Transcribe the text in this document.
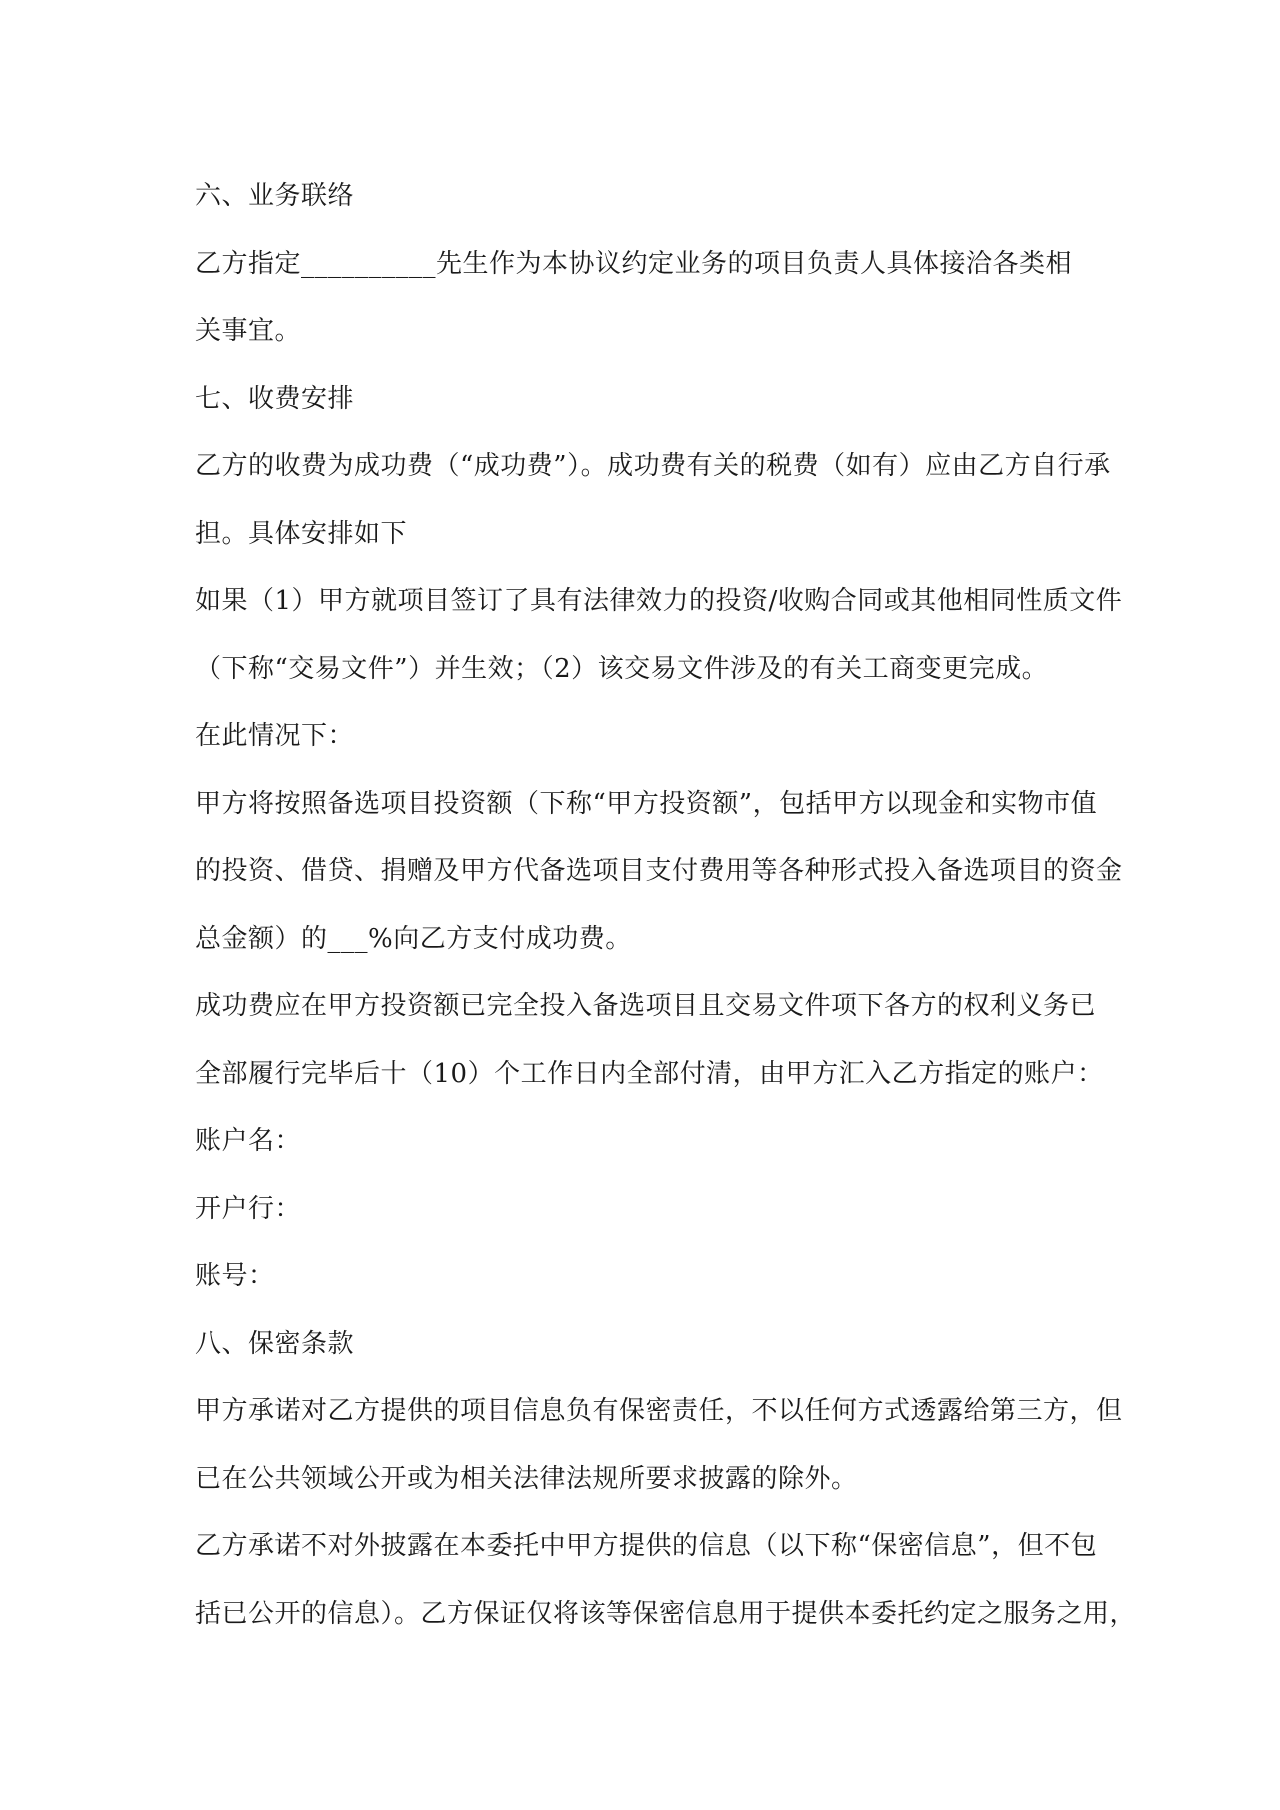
六、业务联络
乙方指定__________先生作为本协议约定业务的项目负责人具体接洽各类相
关事宜。
七、收费安排
乙方的收费为成功费（“成功费”）。成功费有关的税费（如有）应由乙方自行承
担。具体安排如下
如果（1）甲方就项目签订了具有法律效力的投资/收购合同或其他相同性质文件
（下称“交易文件”）并生效；（2）该交易文件涉及的有关工商变更完成。
在此情况下：
甲方将按照备选项目投资额（下称“甲方投资额”，包括甲方以现金和实物市值
的投资、借贷、捐赠及甲方代备选项目支付费用等各种形式投入备选项目的资金
总金额）的___%向乙方支付成功费。
成功费应在甲方投资额已完全投入备选项目且交易文件项下各方的权利义务已
全部履行完毕后十（10）个工作日内全部付清，由甲方汇入乙方指定的账户：
账户名：
开户行：
账号：
八、保密条款
甲方承诺对乙方提供的项目信息负有保密责任，不以任何方式透露给第三方，但
已在公共领域公开或为相关法律法规所要求披露的除外。
乙方承诺不对外披露在本委托中甲方提供的信息（以下称“保密信息”，但不包
括已公开的信息）。乙方保证仅将该等保密信息用于提供本委托约定之服务之用，
